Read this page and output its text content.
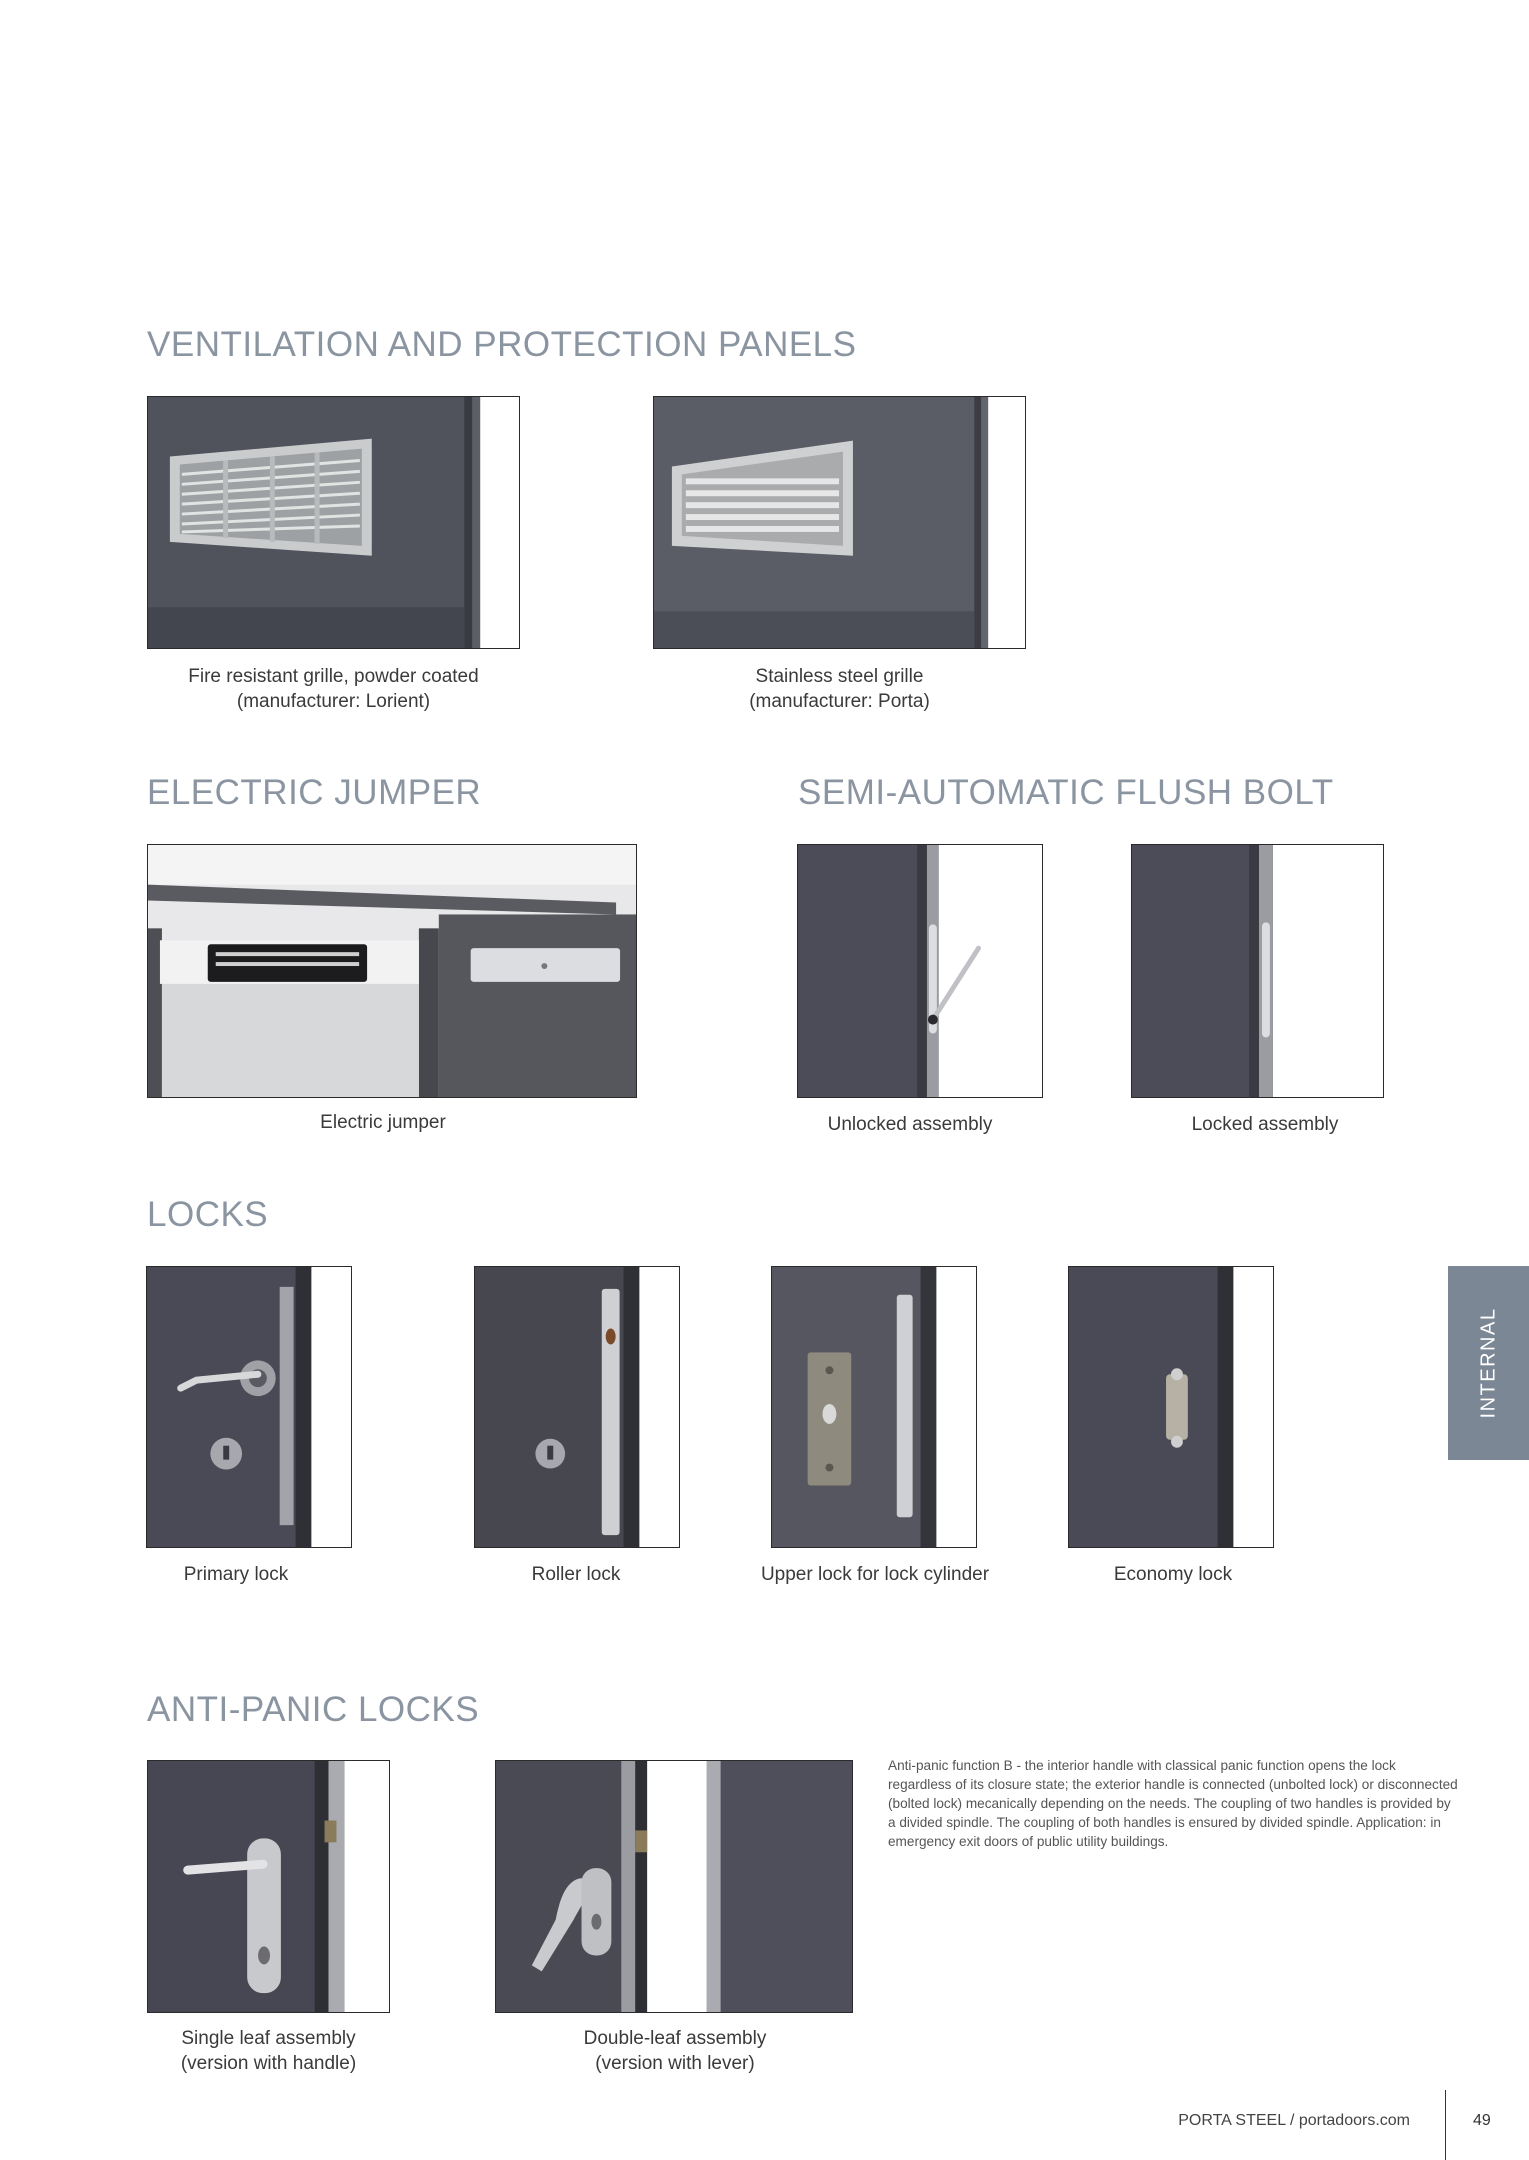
VENTILATION AND PROTECTION PANELS
Fire resistant grille, powder coated
(manufacturer: Lorient)
Stainless steel grille
(manufacturer: Porta)
ELECTRIC JUMPER
Electric jumper
SEMI-AUTOMATIC FLUSH BOLT
Unlocked assembly	Locked assembly
LOCKS
Primary lock	Roller lock	Upper lock for lock cylinder	Economy lock
ANTI-PANIC LOCKS
Single leaf assembly
(version with handle)
Double-leaf assembly
(version with lever)

Anti-panic function B - the interior handle with classical panic function opens the lock regardless of its closure state; the exterior handle is connected (unbolted lock) or disconnected (bolted lock) mecanically depending on the needs. The coupling of two handles is provided by a divided spindle. The coupling of both handles is ensured by divided spindle. Application: in emergency exit doors of public utility buildings.

INTERNAL
PORTA STEEL / portadoors.com	49
